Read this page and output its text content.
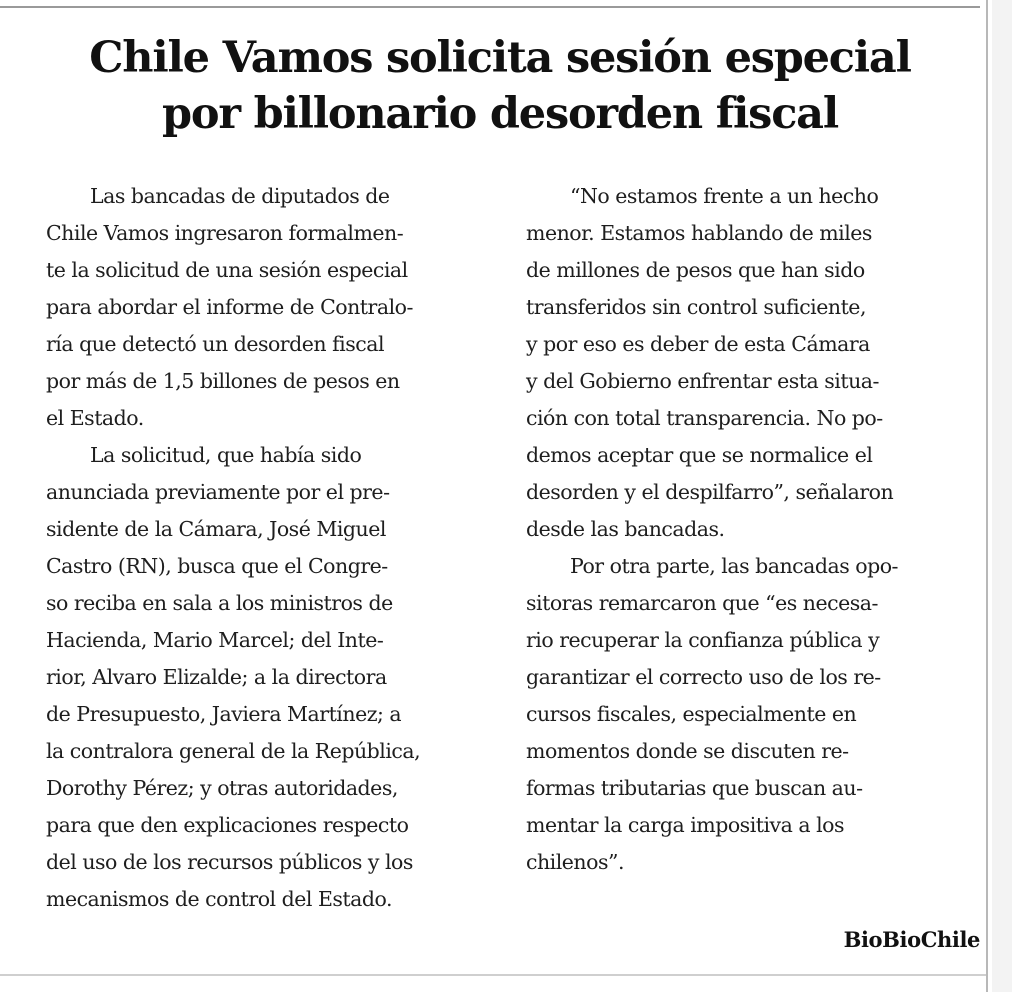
Chile Vamos solicita sesión especial
por billonario desorden fiscal
Las bancadas de diputados de
Chile Vamos ingresaron formalmen-
te la solicitud de una sesión especial
para abordar el informe de Contralo-
ría que detectó un desorden fiscal
por más de 1,5 billones de pesos en
el Estado.
La solicitud, que había sido
anunciada previamente por el pre-
sidente de la Cámara, José Miguel
Castro (RN), busca que el Congre-
so reciba en sala a los ministros de
Hacienda, Mario Marcel; del Inte-
rior, Alvaro Elizalde; a la directora
de Presupuesto, Javiera Martínez; a
la contralora general de la República,
Dorothy Pérez; y otras autoridades,
para que den explicaciones respecto
del uso de los recursos públicos y los
mecanismos de control del Estado.
“No estamos frente a un hecho
menor. Estamos hablando de miles
de millones de pesos que han sido
transferidos sin control suficiente,
y por eso es deber de esta Cámara
y del Gobierno enfrentar esta situa-
ción con total transparencia. No po-
demos aceptar que se normalice el
desorden y el despilfarro”, señalaron
desde las bancadas.
Por otra parte, las bancadas opo-
sitoras remarcaron que “es necesa-
rio recuperar la confianza pública y
garantizar el correcto uso de los re-
cursos fiscales, especialmente en
momentos donde se discuten re-
formas tributarias que buscan au-
mentar la carga impositiva a los
chilenos”.
BioBioChile
